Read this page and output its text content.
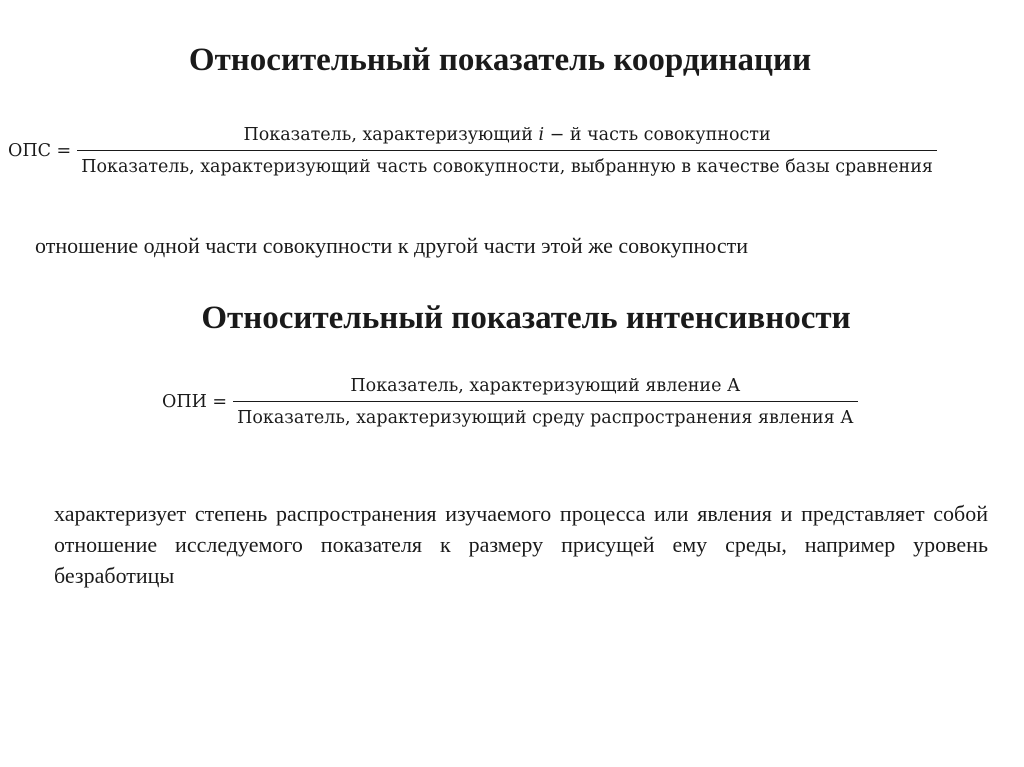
Относительный показатель координации
ОПС =
Показатель, характеризующий i − й часть совокупности
Показатель, характеризующий часть совокупности, выбранную в качестве базы сравнения

отношение одной части совокупности к другой части этой же совокупности

Относительный показатель интенсивности
ОПИ = $\frac{\text{Показатель, характеризующий явление А}}{\text{Показатель, характеризующий среду распространения явления А}}$

характеризует степень распространения изучаемого процесса или явления и представляет собой отношение исследуемого показателя к размеру присущей ему среды, например уровень безработицы
